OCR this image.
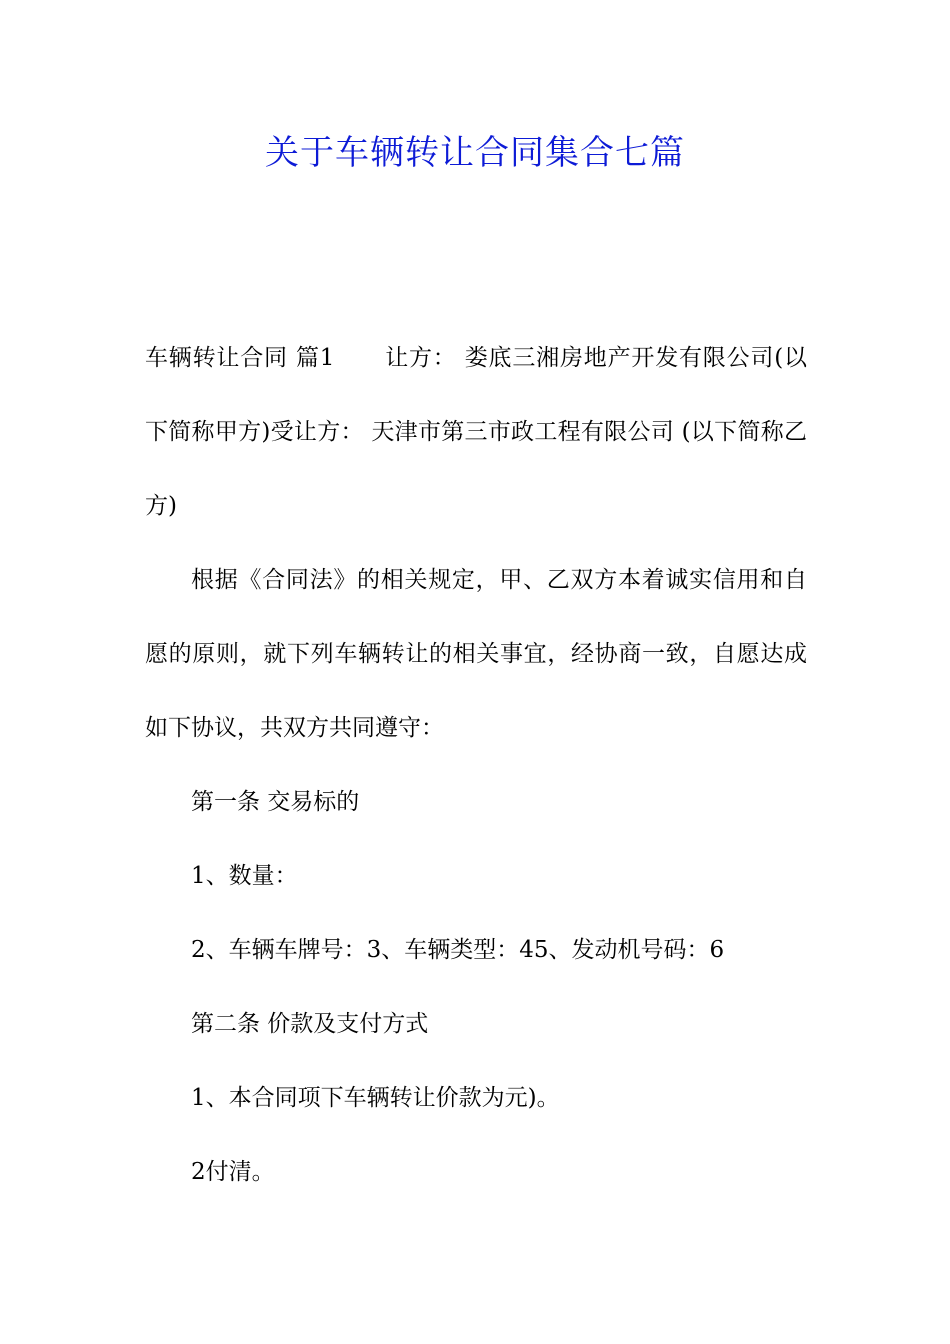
关于车辆转让合同集合七篇

车辆转让合同 篇1 让方： 娄底三湘房地产开发有限公司(以下简称甲方)受让方： 天津市第三市政工程有限公司 (以下简称乙方)

根据《合同法》的相关规定，甲、乙双方本着诚实信用和自愿的原则，就下列车辆转让的相关事宜，经协商一致，自愿达成如下协议，共双方共同遵守：

第一条 交易标的

1、数量：

2、车辆车牌号：3、车辆类型：45、发动机号码：6

第二条 价款及支付方式

1、本合同项下车辆转让价款为元)。

2付清。
